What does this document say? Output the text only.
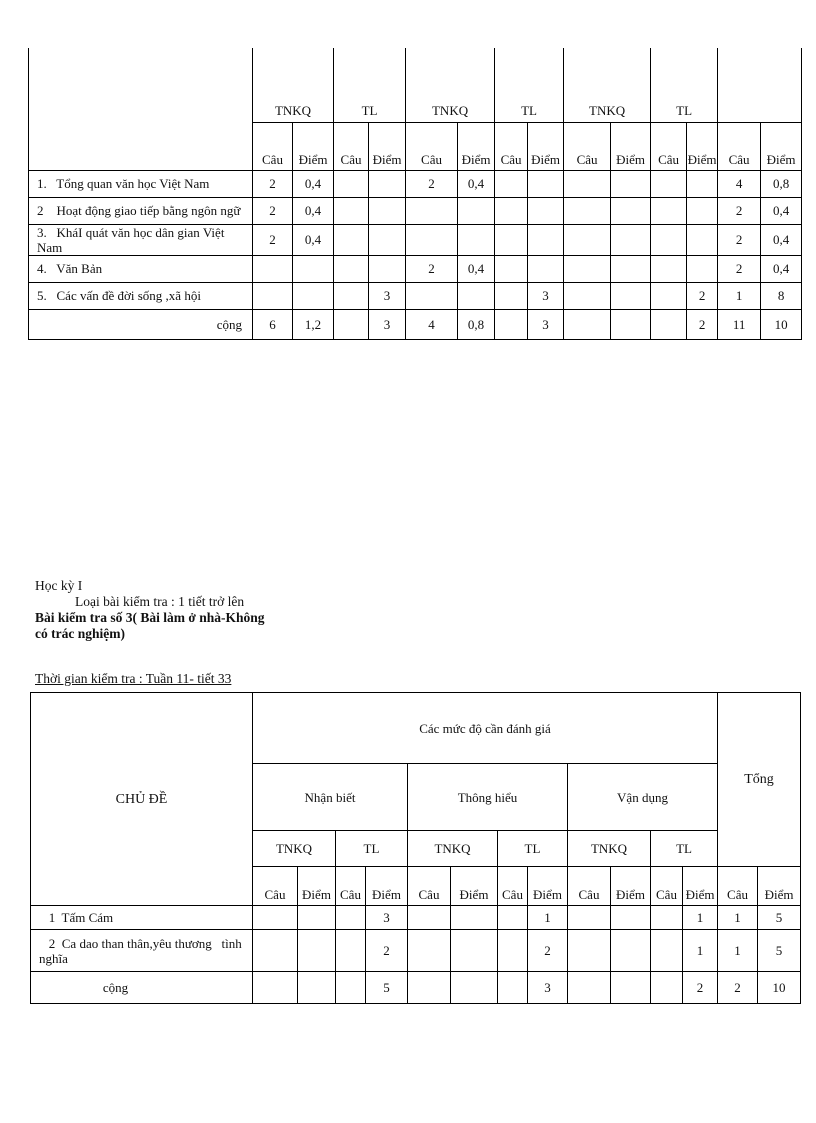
	TNKQ		TL		TNKQ		TL		TNKQ		TL			
	Câu	Điểm	Câu	Điểm	Câu	Điểm	Câu	Điểm	Câu	Điểm	Câu	Điểm	Câu	Điểm
1.   Tổng quan văn học Việt Nam	2	0,4			2	0,4							4	0,8
2    Hoạt động giao tiếp bằng ngôn ngữ	2	0,4											2	0,4
3.   KháI quát văn học dân gian Việt Nam	2	0,4											2	0,4
4.   Văn Bản					2	0,4							2	0,4
5.   Các vấn đề đời sống ,xã hội				3				3				2	1	8
cộng	6	1,2		3	4	0,8		3				2	11	10
Học kỳ I
Loại bài kiểm tra : 1 tiết trở lên
Bài kiểm tra số 3( Bài làm ở nhà-Không
có trác nghiệm)
Thời gian kiểm tra : Tuần 11- tiết 33
CHỦ ĐỀ	Các mức độ cần đánh giá												Tổng	
	Nhận biết				Thông hiểu				Vận dụng					
	TNKQ		TL		TNKQ		TL		TNKQ		TL			
	Câu	Điểm	Câu	Điểm	Câu	Điểm	Câu	Điểm	Câu	Điểm	Câu	Điểm	Câu	Điểm
1  Tấm Cám				3				1				1	1	5
2  Ca dao than thân,yêu thương   tình nghĩa				2				2				1	1	5
cộng				5				3				2	2	10
